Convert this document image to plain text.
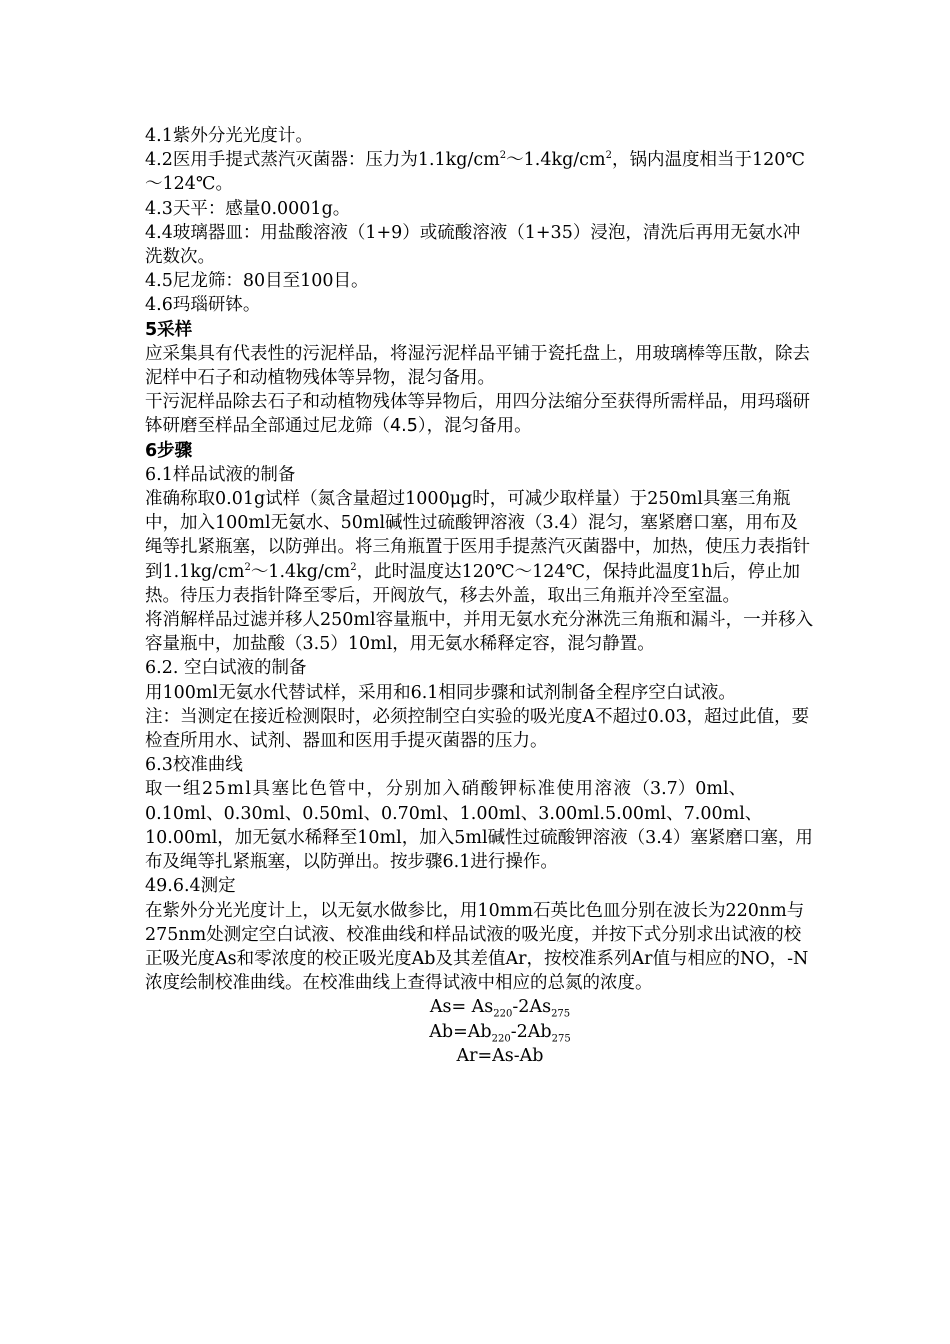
4.1紫外分光光度计。

4.2医用手提式蒸汽灭菌器：压力为$1.1kg/cm^2\sim 1.4kg/cm^2$，锅内温度相当于120℃～124℃。

4.3天平：感量0.0001g。

4.4玻璃器皿：用盐酸溶液（1+9）或硫酸溶液（1+35）浸泡，清洗后再用无氨水冲洗数次。

4.5尼龙筛：80目至100目。

4.6玛瑙研钵。

5采样

应采集具有代表性的污泥样品，将湿污泥样品平铺于瓷托盘上，用玻璃棒等压散，除去泥样中石子和动植物残体等异物，混匀备用。

干污泥样品除去石子和动植物残体等异物后，用四分法缩分至获得所需样品，用玛瑙研钵研磨至样品全部通过尼龙筛（4.5），混匀备用。

6步骤

6.1样品试液的制备

准确称取0.01g试样（氮含量超过1000μg时，可减少取样量）于250ml具塞三角瓶中，加入100ml无氨水、50ml碱性过硫酸钾溶液（3.4）混匀，塞紧磨口塞，用布及绳等扎紧瓶塞，以防弹出。将三角瓶置于医用手提蒸汽灭菌器中，加热，使压力表指针到$1.1kg/cm^2\sim 1.4kg/cm^2$，此时温度达120℃～124℃，保持此温度1h后，停止加热。待压力表指针降至零后，开阀放气，移去外盖，取出三角瓶并冷至室温。

将消解样品过滤并移人250ml容量瓶中，并用无氨水充分淋洗三角瓶和漏斗，一并移入容量瓶中，加盐酸（3.5）10ml，用无氨水稀释定容，混匀静置。

6.2. 空白试液的制备

用100ml无氨水代替试样，采用和6.1相同步骤和试剂制备全程序空白试液。

注：当测定在接近检测限时，必须控制空白实验的吸光度A不超过0.03，超过此值，要检查所用水、试剂、器皿和医用手提灭菌器的压力。

6.3校准曲线

取一组25ml具塞比色管中，分别加入硝酸钾标准使用溶液（3.7）0ml、0.10ml、0.30ml、0.50ml、0.70ml、1.00ml、3.00ml.5.00ml、7.00ml、10.00ml，加无氨水稀释至10ml，加入5ml碱性过硫酸钾溶液（3.4）塞紧磨口塞，用布及绳等扎紧瓶塞，以防弹出。按步骤6.1进行操作。

49.6.4测定

在紫外分光光度计上，以无氨水做参比，用10mm石英比色皿分别在波长为220nm与275nm处测定空白试液、校准曲线和样品试液的吸光度，并按下式分别求出试液的校正吸光度As和零浓度的校正吸光度Ab及其差值Ar，按校准系列Ar值与相应的NO，-N浓度绘制校准曲线。在校准曲线上查得试液中相应的总氮的浓度。

$As= As_{220}-2As_{275}$

$Ab=Ab_{220}-2Ab_{275}$

Ar=As-Ab
